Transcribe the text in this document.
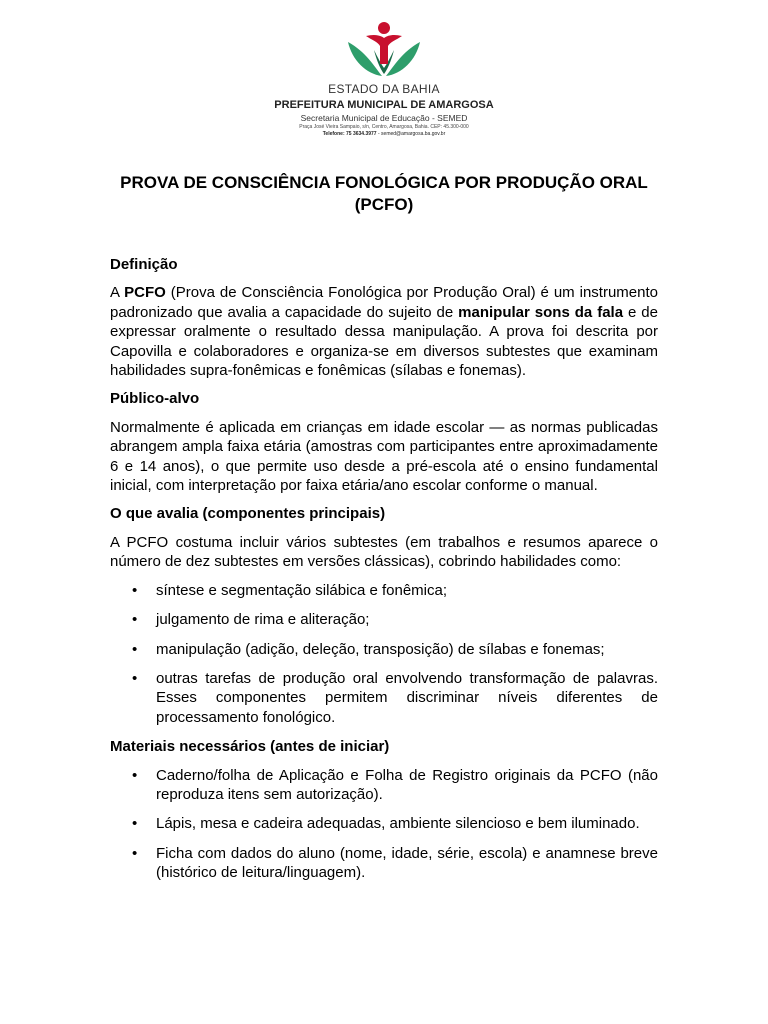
ESTADO DA BAHIA
PREFEITURA MUNICIPAL DE AMARGOSA
Secretaria Municipal de Educação - SEMED
Praça José Vieira Sampaio, s/n, Centro, Amargosa, Bahia. CEP: 45.300-000
Telefone: 75 3634.3977 - semed@amargosa.ba.gov.br
PROVA DE CONSCIÊNCIA FONOLÓGICA POR PRODUÇÃO ORAL (PCFO)
Definição

A PCFO (Prova de Consciência Fonológica por Produção Oral) é um instrumento padronizado que avalia a capacidade do sujeito de manipular sons da fala e de expressar oralmente o resultado dessa manipulação. A prova foi descrita por Capovilla e colaboradores e organiza-se em diversos subtestes que examinam habilidades supra-fonêmicas e fonêmicas (sílabas e fonemas).

Público-alvo

Normalmente é aplicada em crianças em idade escolar — as normas publicadas abrangem ampla faixa etária (amostras com participantes entre aproximadamente 6 e 14 anos), o que permite uso desde a pré-escola até o ensino fundamental inicial, com interpretação por faixa etária/ano escolar conforme o manual.

O que avalia (componentes principais)

A PCFO costuma incluir vários subtestes (em trabalhos e resumos aparece o número de dez subtestes em versões clássicas), cobrindo habilidades como:

• síntese e segmentação silábica e fonêmica;
• julgamento de rima e aliteração;
• manipulação (adição, deleção, transposição) de sílabas e fonemas;
• outras tarefas de produção oral envolvendo transformação de palavras. Esses componentes permitem discriminar níveis diferentes de processamento fonológico.
Materiais necessários (antes de iniciar)
• Caderno/folha de Aplicação e Folha de Registro originais da PCFO (não reproduza itens sem autorização).
• Lápis, mesa e cadeira adequadas, ambiente silencioso e bem iluminado.
• Ficha com dados do aluno (nome, idade, série, escola) e anamnese breve (histórico de leitura/linguagem).
